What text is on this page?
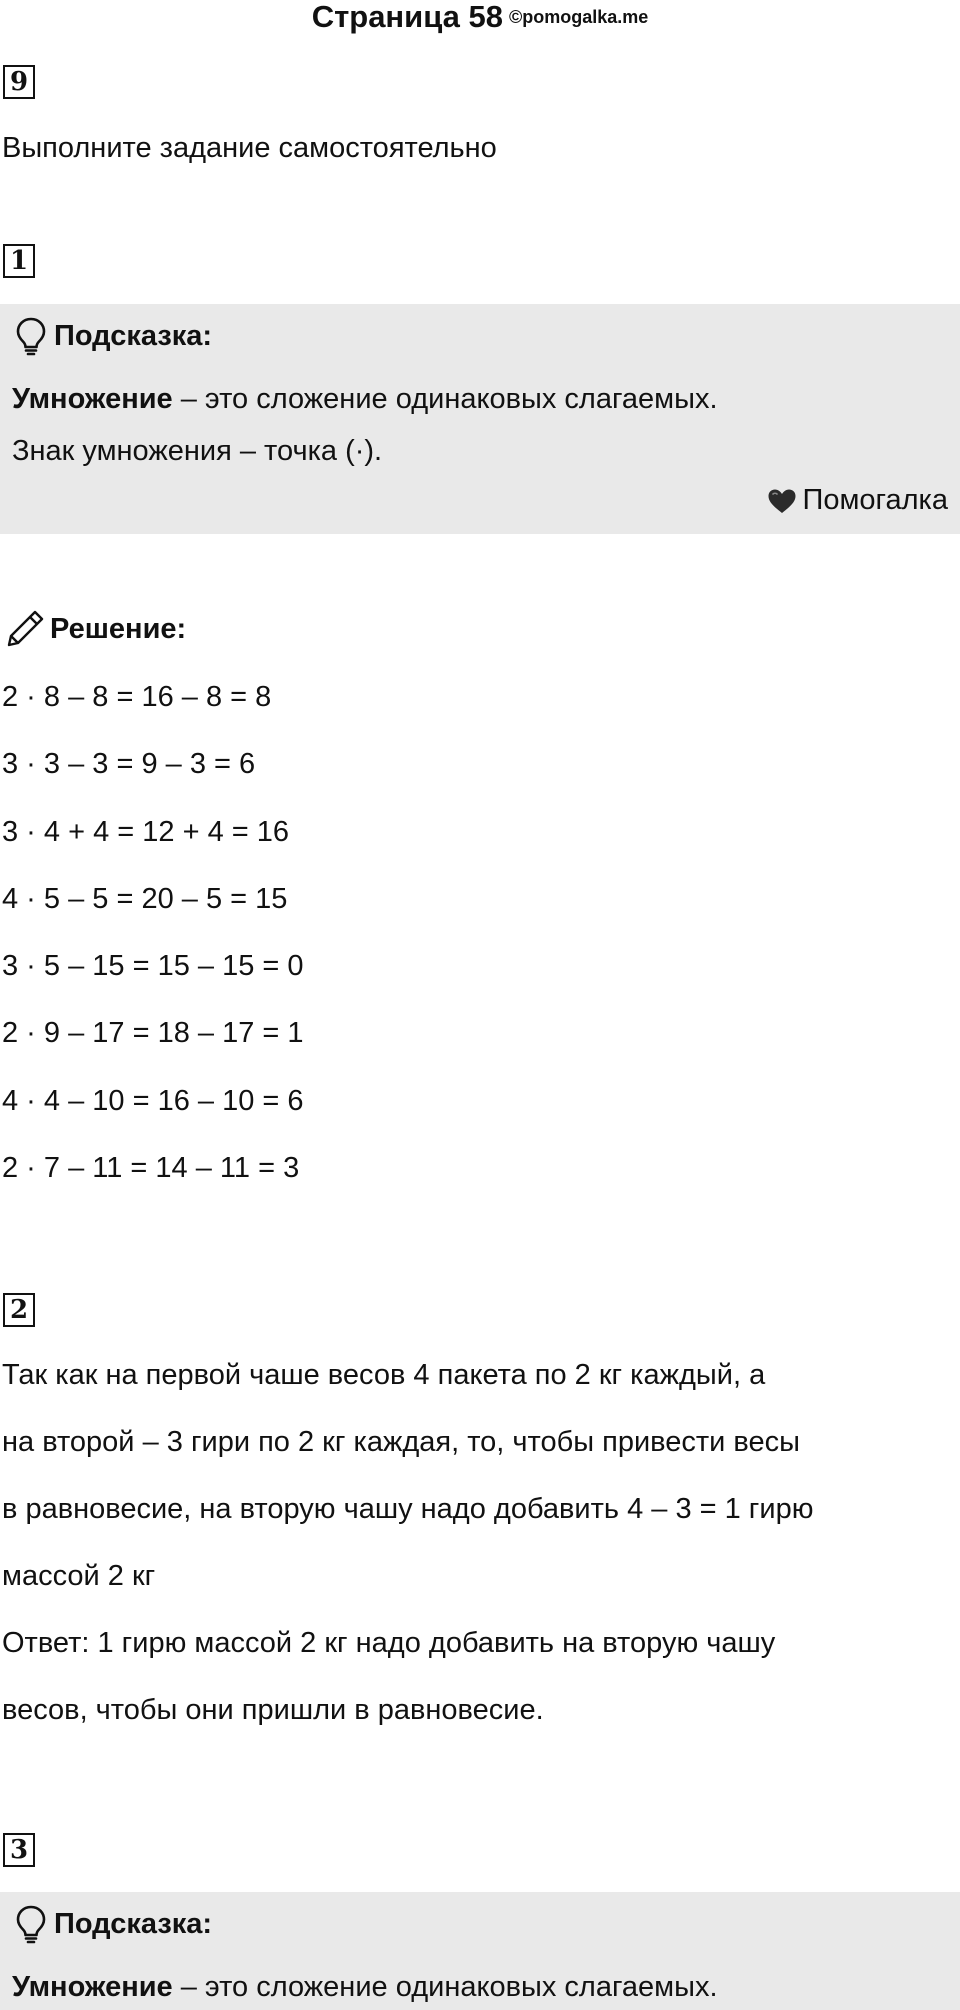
Страница 58 ©pomogalka.me
9
Выполните задание самостоятельно
1
Подсказка:
Умножение – это сложение одинаковых слагаемых.
Знак умножения – точка (·).
Помогалка
Решение:
2 · 8 – 8 = 16 – 8 = 8
3 · 3 – 3 = 9 – 3 = 6
3 · 4 + 4 = 12 + 4 = 16
4 · 5 – 5 = 20 – 5 = 15
3 · 5 – 15 = 15 – 15 = 0
2 · 9 – 17 = 18 – 17 = 1
4 · 4 – 10 = 16 – 10 = 6
2 · 7 – 11 = 14 – 11 = 3
2
Так как на первой чаше весов 4 пакета по 2 кг каждый, а
на второй – 3 гири по 2 кг каждая, то, чтобы привести весы
в равновесие, на вторую чашу надо добавить 4 – 3 = 1 гирю
массой 2 кг
Ответ: 1 гирю массой 2 кг надо добавить на вторую чашу
весов, чтобы они пришли в равновесие.
3
Подсказка:
Умножение – это сложение одинаковых слагаемых.
